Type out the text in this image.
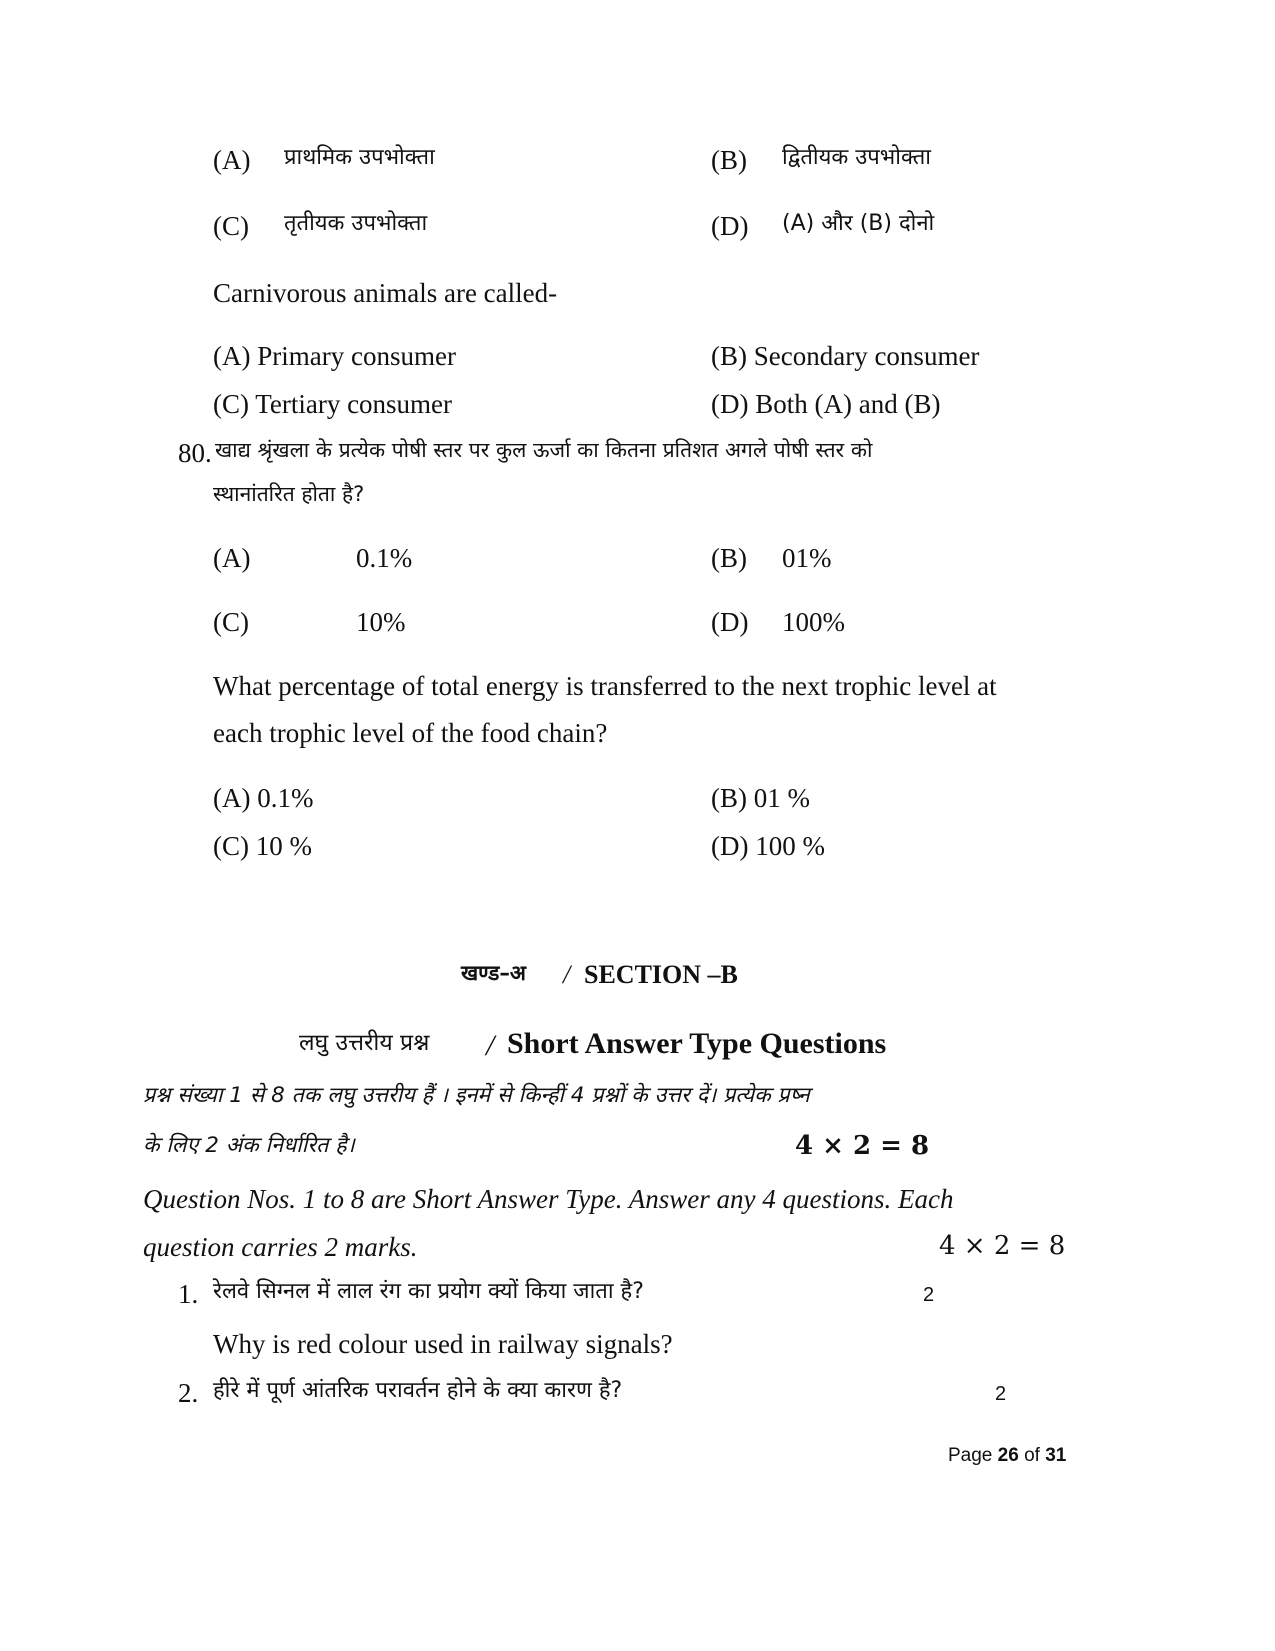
(A) प्राथमिक उपभोक्ता	(B) द्वितीयक उपभोक्ता
(C) तृतीयक उपभोक्ता	(D) (A) और (B) दोनो
Carnivorous animals are called-
(A) Primary consumer	(B) Secondary consumer
(C) Tertiary consumer	(D) Both (A) and (B)
80. खाद्य श्रृंखला के प्रत्येक पोषी स्तर पर कुल ऊर्जा का कितना प्रतिशत अगले पोषी स्तर को
स्थानांतरित होता है?
(A)	0.1%	(B) 01%
(C)	10%	(D) 100%
What percentage of total energy is transferred to the next trophic level at
each trophic level of the food chain?
(A) 0.1%	(B) 01 %
(C) 10 %	(D) 100 %
खण्ड–अ / SECTION –B
लघु उत्तरीय प्रश्न / Short Answer Type Questions
प्रश्न संख्या 1 से 8 तक लघु उत्तरीय हैं । इनमें से किन्हीं 4 प्रश्नों के उत्तर दें। प्रत्येक प्रष्न
के लिए 2 अंक निर्धारित है।	4 × 2 = 8
Question Nos. 1 to 8 are Short Answer Type. Answer any 4 questions. Each
question carries 2 marks.	4 × 2 = 8
1. रेलवे सिग्नल में लाल रंग का प्रयोग क्यों किया जाता है?	2
Why is red colour used in railway signals?
2. हीरे में पूर्ण आंतरिक परावर्तन होने के क्या कारण है?	2
Page 26 of 31
